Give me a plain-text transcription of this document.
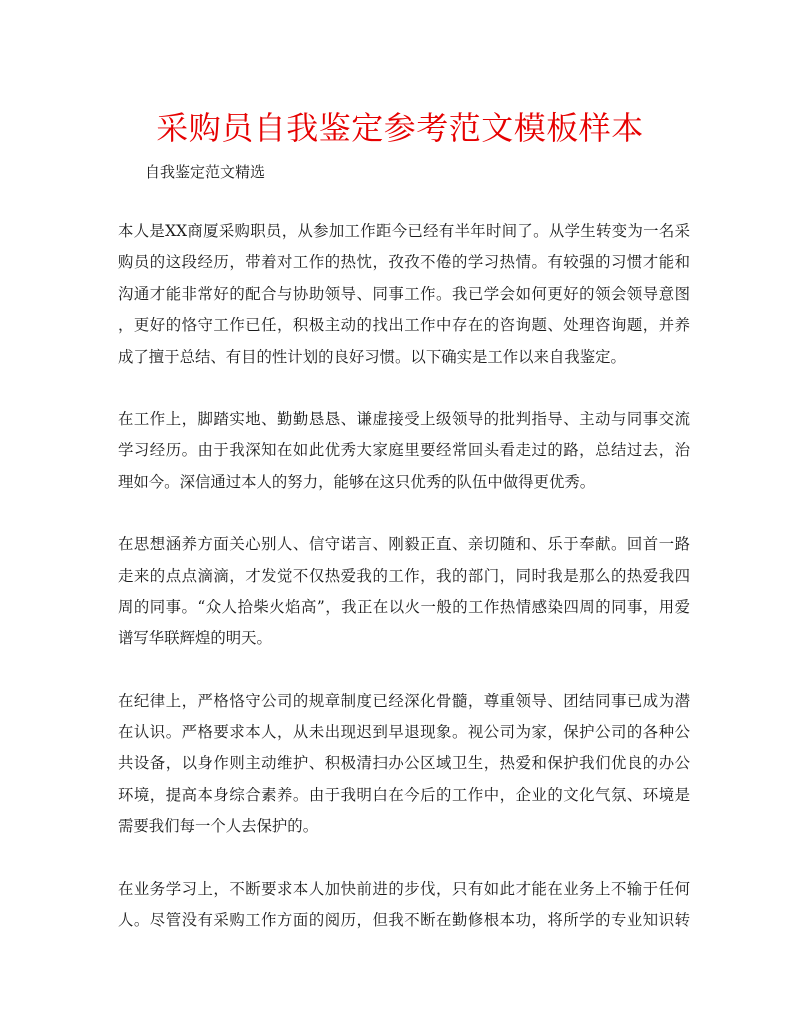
采购员自我鉴定参考范文模板样本
自我鉴定范文精选
本人是XX商厦采购职员，从参加工作距今已经有半年时间了。从学生转变为一名采
购员的这段经历，带着对工作的热忱，孜孜不倦的学习热情。有较强的习惯才能和
沟通才能非常好的配合与协助领导、同事工作。我已学会如何更好的领会领导意图
，更好的恪守工作已任，积极主动的找出工作中存在的咨询题、处理咨询题，并养
成了擅于总结、有目的性计划的良好习惯。以下确实是工作以来自我鉴定。
在工作上，脚踏实地、勤勤恳恳、谦虚接受上级领导的批判指导、主动与同事交流
学习经历。由于我深知在如此优秀大家庭里要经常回头看走过的路，总结过去，治
理如今。深信通过本人的努力，能够在这只优秀的队伍中做得更优秀。
在思想涵养方面关心别人、信守诺言、刚毅正直、亲切随和、乐于奉献。回首一路
走来的点点滴滴，才发觉不仅热爱我的工作，我的部门，同时我是那么的热爱我四
周的同事。“众人拾柴火焰高”，我正在以火一般的工作热情感染四周的同事，用爱
谱写华联辉煌的明天。
在纪律上，严格恪守公司的规章制度已经深化骨髓，尊重领导、团结同事已成为潜
在认识。严格要求本人，从未出现迟到早退现象。视公司为家，保护公司的各种公
共设备，以身作则主动维护、积极清扫办公区域卫生，热爱和保护我们优良的办公
环境，提高本身综合素养。由于我明白在今后的工作中，企业的文化气氛、环境是
需要我们每一个人去保护的。
在业务学习上，不断要求本人加快前进的步伐，只有如此才能在业务上不输于任何
人。尽管没有采购工作方面的阅历，但我不断在勤修根本功，将所学的专业知识转
